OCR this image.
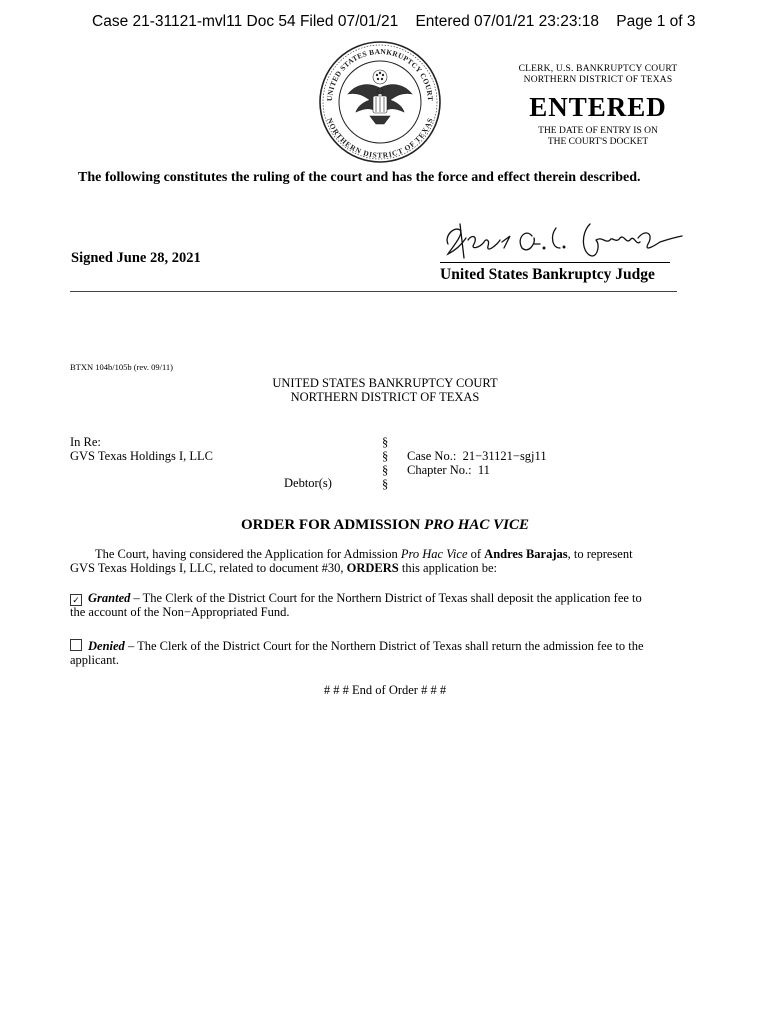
Case 21-31121-mvl11 Doc 54 Filed 07/01/21 Entered 07/01/21 23:23:18 Page 1 of 3
UNITED STATES BANKRUPTCY COURT
NORTHERN DISTRICT OF TEXAS
CLERK, U.S. BANKRUPTCY COURT
NORTHERN DISTRICT OF TEXAS
ENTERED
THE DATE OF ENTRY IS ON
THE COURT'S DOCKET
The following constitutes the ruling of the court and has the force and effect therein described.
Signed June 28, 2021
United States Bankruptcy Judge
BTXN 104b/105b (rev. 09/11)
UNITED STATES BANKRUPTCY COURT
NORTHERN DISTRICT OF TEXAS
In Re:
GVS Texas Holdings I, LLC
Debtor(s)
§
§
§
§
Case No.: 21−31121−sgj11
Chapter No.: 11
ORDER FOR ADMISSION PRO HAC VICE
The Court, having considered the Application for Admission Pro Hac Vice of Andres Barajas, to represent
GVS Texas Holdings I, LLC, related to document #30, ORDERS this application be:
✓ Granted – The Clerk of the District Court for the Northern District of Texas shall deposit the application fee to
the account of the Non−Appropriated Fund.
Denied – The Clerk of the District Court for the Northern District of Texas shall return the admission fee to the
applicant.
# # # End of Order # # #
